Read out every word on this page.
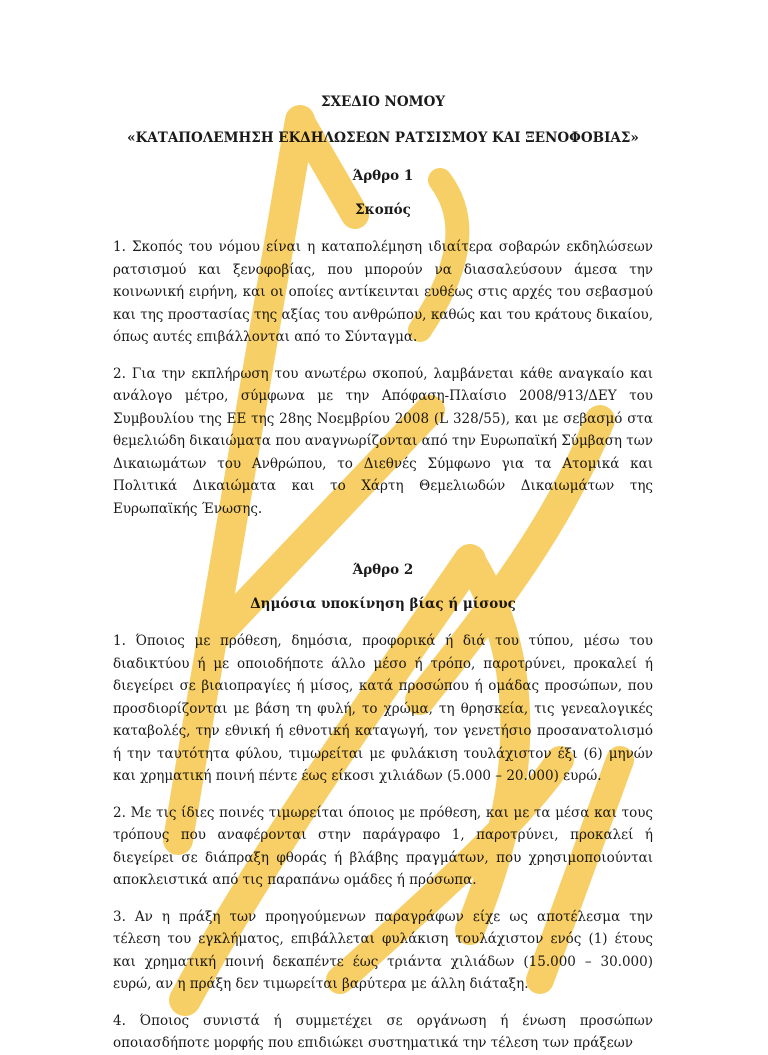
ΣΧΕΔΙΟ ΝΟΜΟΥ

«ΚΑΤΑΠΟΛΕΜΗΣΗ ΕΚΔΗΛΩΣΕΩΝ ΡΑΤΣΙΣΜΟΥ ΚΑΙ ΞΕΝΟΦΟΒΙΑΣ»

Άρθρο 1

Σκοπός

1. Σκοπός του νόμου είναι η καταπολέμηση ιδιαίτερα σοβαρών εκδηλώσεων ρατσισμού και ξενοφοβίας, που μπορούν να διασαλεύσουν άμεσα την κοινωνική ειρήνη, και οι οποίες αντίκεινται ευθέως στις αρχές του σεβασμού και της προστασίας της αξίας του ανθρώπου, καθώς και του κράτους δικαίου, όπως αυτές επιβάλλονται από το Σύνταγμα.

2. Για την εκπλήρωση του ανωτέρω σκοπού, λαμβάνεται κάθε αναγκαίο και ανάλογο μέτρο, σύμφωνα με την Απόφαση-Πλαίσιο 2008/913/ΔΕΥ του Συμβουλίου της ΕΕ της 28ης Νοεμβρίου 2008 (L 328/55), και με σεβασμό στα θεμελιώδη δικαιώματα που αναγνωρίζονται από την Ευρωπαϊκή Σύμβαση των Δικαιωμάτων του Ανθρώπου, το Διεθνές Σύμφωνο για τα Ατομικά και Πολιτικά Δικαιώματα και το Χάρτη Θεμελιωδών Δικαιωμάτων της Ευρωπαϊκής Ένωσης.

Άρθρο 2

Δημόσια υποκίνηση βίας ή μίσους

1. Όποιος με πρόθεση, δημόσια, προφορικά ή διά του τύπου, μέσω του διαδικτύου ή με οποιοδήποτε άλλο μέσο ή τρόπο, παροτρύνει, προκαλεί ή διεγείρει σε βιαιοπραγίες ή μίσος, κατά προσώπου ή ομάδας προσώπων, που προσδιορίζονται με βάση τη φυλή, το χρώμα, τη θρησκεία, τις γενεαλογικές καταβολές, την εθνική ή εθνοτική καταγωγή, τον γενετήσιο προσανατολισμό ή την ταυτότητα φύλου, τιμωρείται με φυλάκιση τουλάχιστον έξι (6) μηνών και χρηματική ποινή πέντε έως είκοσι χιλιάδων (5.000 – 20.000) ευρώ.

2. Με τις ίδιες ποινές τιμωρείται όποιος με πρόθεση, και με τα μέσα και τους τρόπους που αναφέρονται στην παράγραφο 1, παροτρύνει, προκαλεί ή διεγείρει σε διάπραξη φθοράς ή βλάβης πραγμάτων, που χρησιμοποιούνται αποκλειστικά από τις παραπάνω ομάδες ή πρόσωπα.

3. Αν η πράξη των προηγούμενων παραγράφων είχε ως αποτέλεσμα την τέλεση του εγκλήματος, επιβάλλεται φυλάκιση τουλάχιστον ενός (1) έτους και χρηματική ποινή δεκαπέντε έως τριάντα χιλιάδων (15.000 – 30.000) ευρώ, αν η πράξη δεν τιμωρείται βαρύτερα με άλλη διάταξη.

4. Όποιος συνιστά ή συμμετέχει σε οργάνωση ή ένωση προσώπων οποιασδήποτε μορφής που επιδιώκει συστηματικά την τέλεση των πράξεων
